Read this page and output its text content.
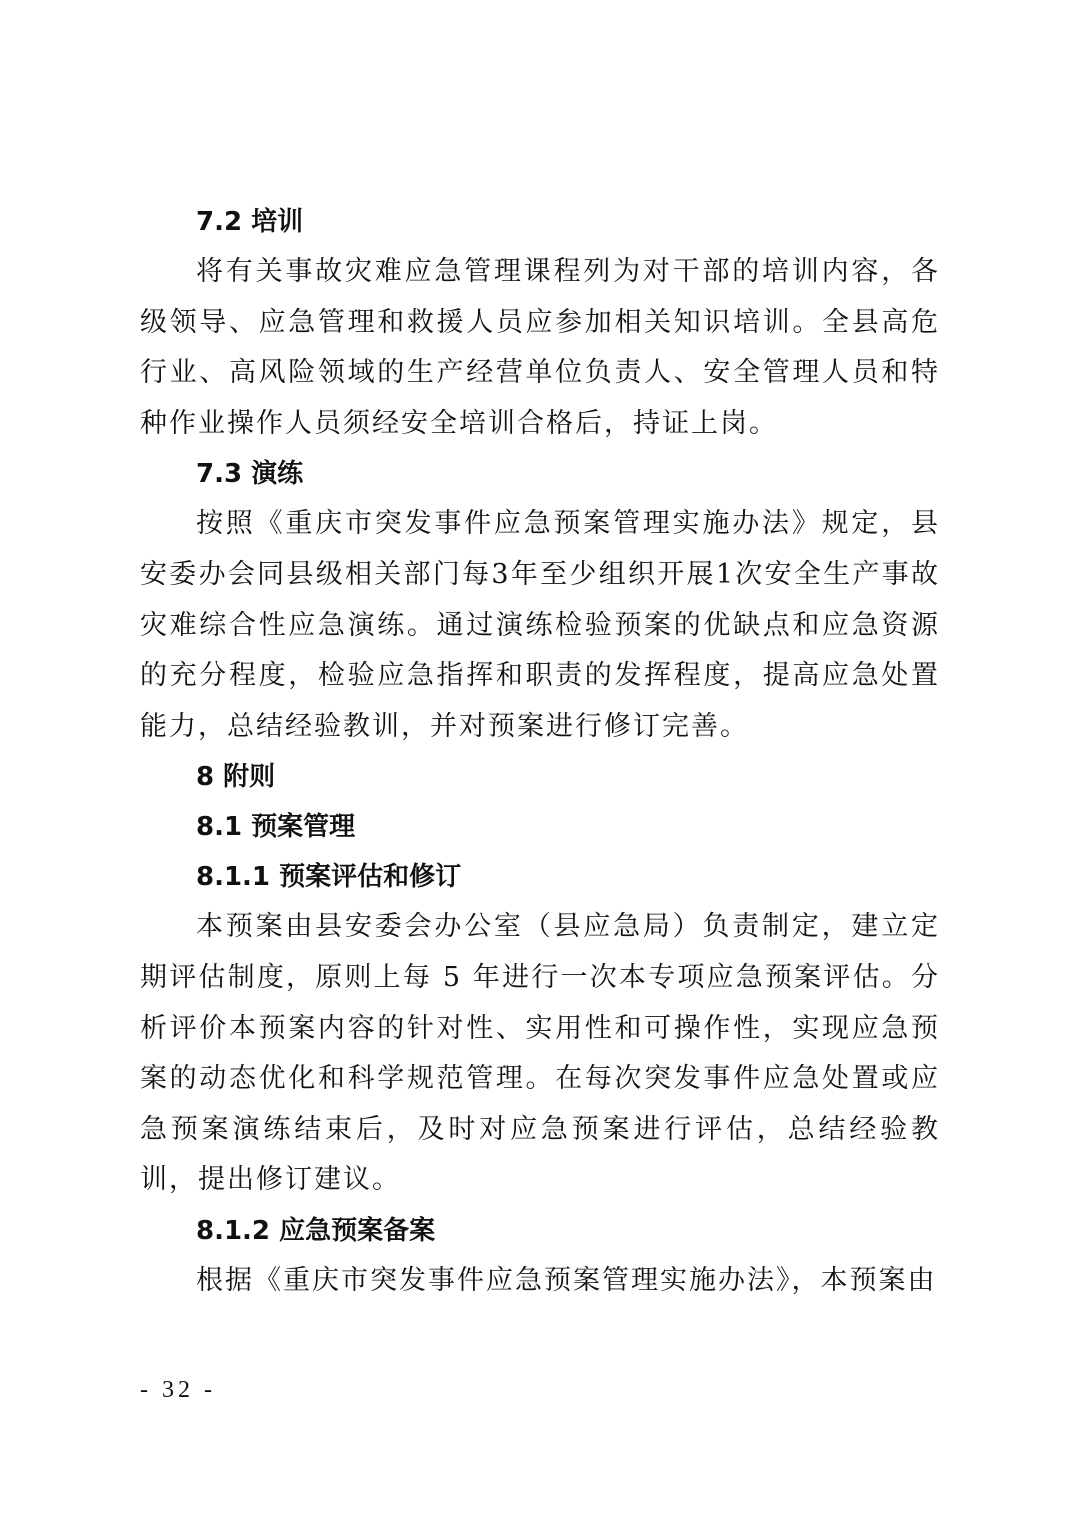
7.2 培训

将有关事故灾难应急管理课程列为对干部的培训内容，各级领导、应急管理和救援人员应参加相关知识培训。全县高危行业、高风险领域的生产经营单位负责人、安全管理人员和特种作业操作人员须经安全培训合格后，持证上岗。

7.3 演练

按照《重庆市突发事件应急预案管理实施办法》规定，县安委办会同县级相关部门每3年至少组织开展1次安全生产事故灾难综合性应急演练。通过演练检验预案的优缺点和应急资源的充分程度，检验应急指挥和职责的发挥程度，提高应急处置能力，总结经验教训，并对预案进行修订完善。

8 附则
8.1 预案管理
8.1.1 预案评估和修订

本预案由县安委会办公室（县应急局）负责制定，建立定期评估制度，原则上每 5 年进行一次本专项应急预案评估。分析评价本预案内容的针对性、实用性和可操作性，实现应急预案的动态优化和科学规范管理。在每次突发事件应急处置或应急预案演练结束后，及时对应急预案进行评估，总结经验教训，提出修订建议。

8.1.2 应急预案备案

根据《重庆市突发事件应急预案管理实施办法》，本预案由

- 32 -
